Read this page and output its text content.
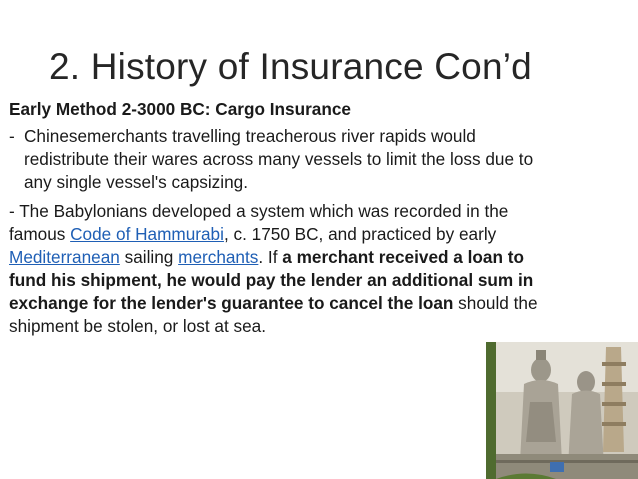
2. History of Insurance Con’d

Early Method 2-3000 BC: Cargo Insurance

- Chinesemerchants travelling treacherous river rapids would redistribute their wares across many vessels to limit the loss due to any single vessel's capsizing.

- The Babylonians developed a system which was recorded in the famous Code of Hammurabi, c. 1750 BC, and practiced by early Mediterranean sailing merchants. If a merchant received a loan to fund his shipment, he would pay the lender an additional sum in exchange for the lender's guarantee to cancel the loan should the shipment be stolen, or lost at sea.
